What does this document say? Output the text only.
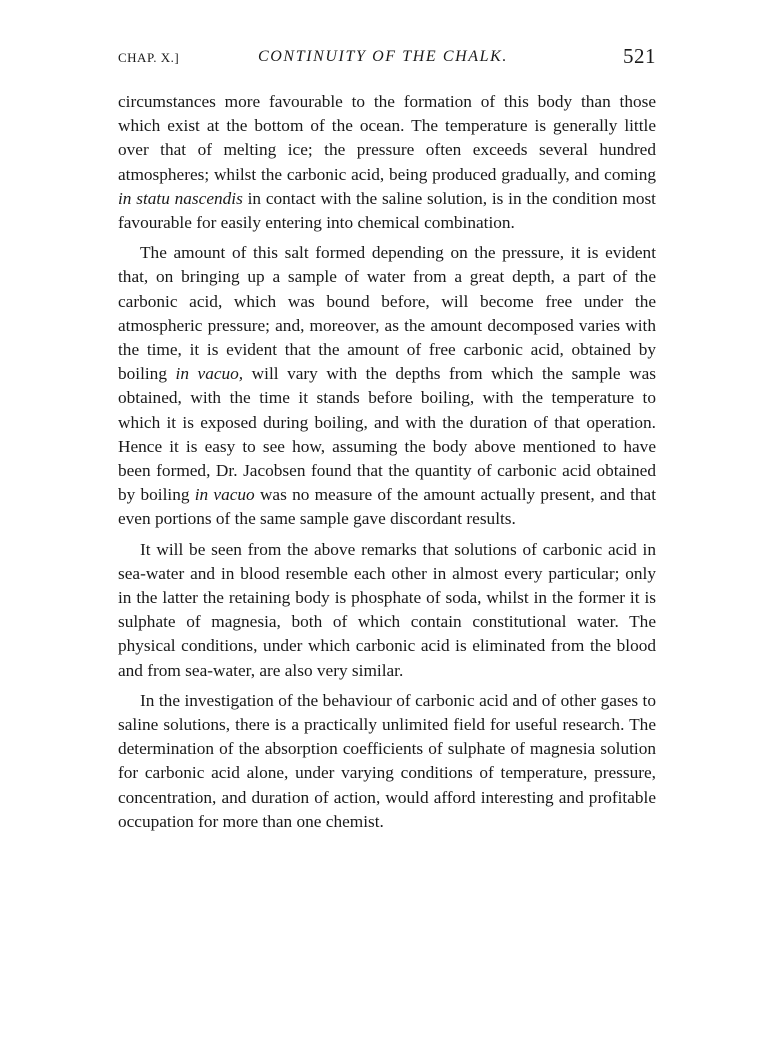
CHAP. X.]	CONTINUITY OF THE CHALK.	521

circumstances more favourable to the formation of this body than those which exist at the bottom of the ocean. The temperature is generally little over that of melting ice; the pressure often exceeds several hundred atmospheres; whilst the carbonic acid, being produced gradually, and coming in statu nascendis in contact with the saline solution, is in the condition most favourable for easily entering into chemical combination.

The amount of this salt formed depending on the pressure, it is evident that, on bringing up a sample of water from a great depth, a part of the carbonic acid, which was bound before, will become free under the atmospheric pressure; and, moreover, as the amount decomposed varies with the time, it is evident that the amount of free carbonic acid, obtained by boiling in vacuo, will vary with the depths from which the sample was obtained, with the time it stands before boiling, with the temperature to which it is exposed during boiling, and with the duration of that operation. Hence it is easy to see how, assuming the body above mentioned to have been formed, Dr. Jacobsen found that the quantity of carbonic acid obtained by boiling in vacuo was no measure of the amount actually present, and that even portions of the same sample gave discordant results.

It will be seen from the above remarks that solutions of carbonic acid in sea-water and in blood resemble each other in almost every particular; only in the latter the retaining body is phosphate of soda, whilst in the former it is sulphate of magnesia, both of which contain constitutional water. The physical conditions, under which carbonic acid is eliminated from the blood and from sea-water, are also very similar.

In the investigation of the behaviour of carbonic acid and of other gases to saline solutions, there is a practically unlimited field for useful research. The determination of the absorption coefficients of sulphate of magnesia solution for carbonic acid alone, under varying conditions of temperature, pressure, concentration, and duration of action, would afford interesting and profitable occupation for more than one chemist.
